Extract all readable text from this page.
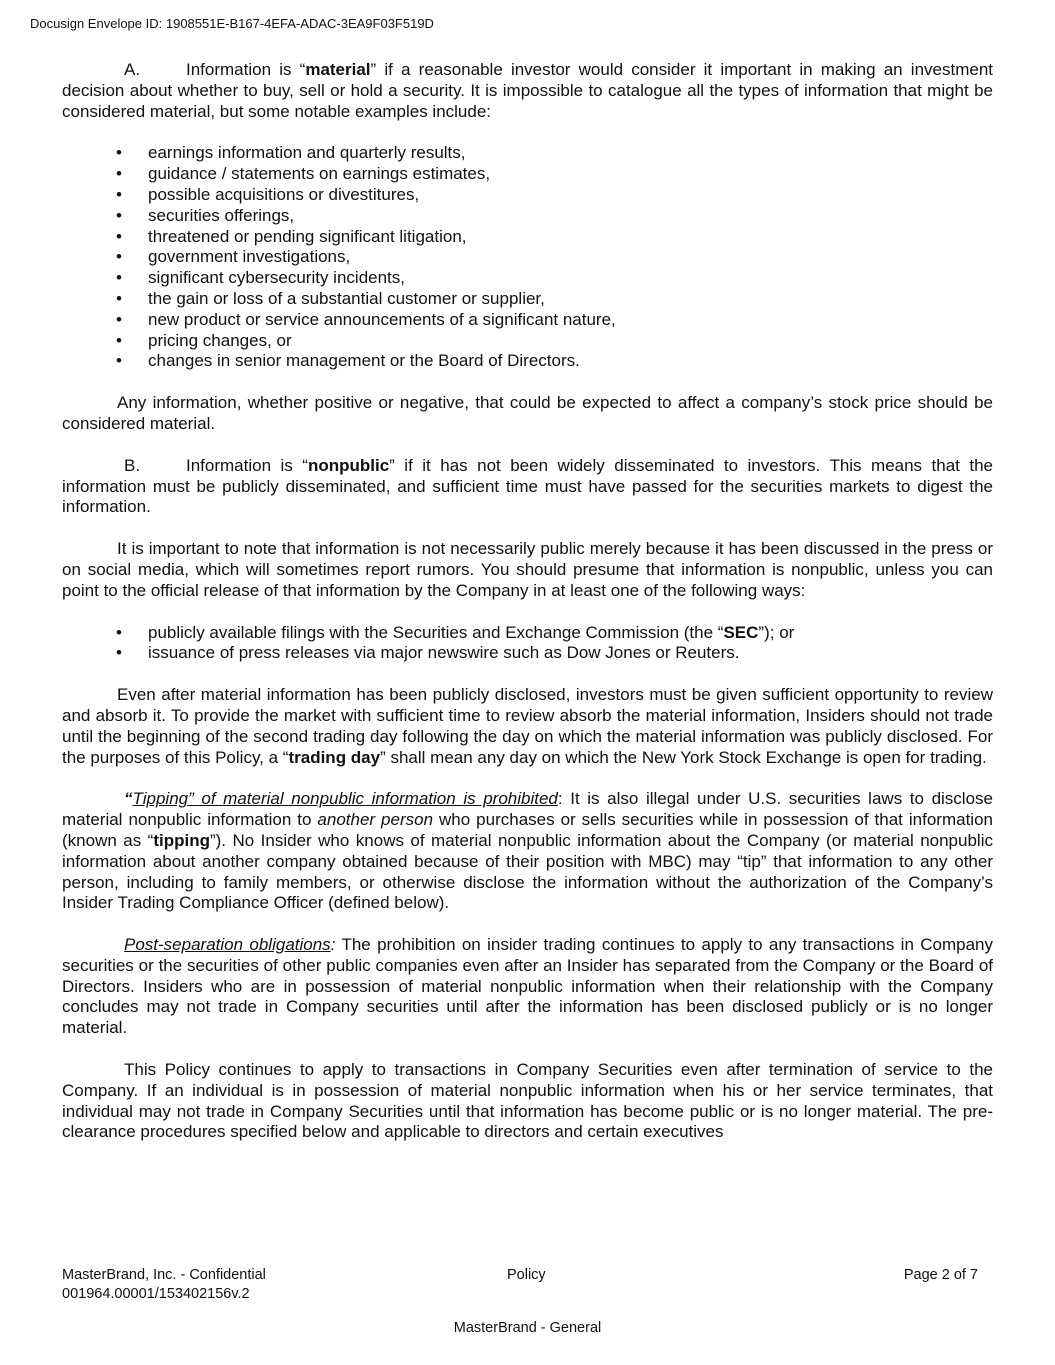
Docusign Envelope ID: 1908551E-B167-4EFA-ADAC-3EA9F03F519D

A.	Information is “material” if a reasonable investor would consider it important in making an investment decision about whether to buy, sell or hold a security. It is impossible to catalogue all the types of information that might be considered material, but some notable examples include:

• earnings information and quarterly results,
• guidance / statements on earnings estimates,
• possible acquisitions or divestitures,
• securities offerings,
• threatened or pending significant litigation,
• government investigations,
• significant cybersecurity incidents,
• the gain or loss of a substantial customer or supplier,
• new product or service announcements of a significant nature,
• pricing changes, or
• changes in senior management or the Board of Directors.

Any information, whether positive or negative, that could be expected to affect a company’s stock price should be considered material.

B.	Information is “nonpublic” if it has not been widely disseminated to investors. This means that the information must be publicly disseminated, and sufficient time must have passed for the securities markets to digest the information.

It is important to note that information is not necessarily public merely because it has been discussed in the press or on social media, which will sometimes report rumors. You should presume that information is nonpublic, unless you can point to the official release of that information by the Company in at least one of the following ways:

• publicly available filings with the Securities and Exchange Commission (the “SEC”); or
• issuance of press releases via major newswire such as Dow Jones or Reuters.

Even after material information has been publicly disclosed, investors must be given sufficient opportunity to review and absorb it. To provide the market with sufficient time to review absorb the material information, Insiders should not trade until the beginning of the second trading day following the day on which the material information was publicly disclosed. For the purposes of this Policy, a “trading day” shall mean any day on which the New York Stock Exchange is open for trading.

“Tipping” of material nonpublic information is prohibited: It is also illegal under U.S. securities laws to disclose material nonpublic information to another person who purchases or sells securities while in possession of that information (known as “tipping”). No Insider who knows of material nonpublic information about the Company (or material nonpublic information about another company obtained because of their position with MBC) may “tip” that information to any other person, including to family members, or otherwise disclose the information without the authorization of the Company’s Insider Trading Compliance Officer (defined below).

Post-separation obligations: The prohibition on insider trading continues to apply to any transactions in Company securities or the securities of other public companies even after an Insider has separated from the Company or the Board of Directors. Insiders who are in possession of material nonpublic information when their relationship with the Company concludes may not trade in Company securities until after the information has been disclosed publicly or is no longer material.

This Policy continues to apply to transactions in Company Securities even after termination of service to the Company. If an individual is in possession of material nonpublic information when his or her service terminates, that individual may not trade in Company Securities until that information has become public or is no longer material. The pre-clearance procedures specified below and applicable to directors and certain executives

MasterBrand, Inc. - Confidential
001964.00001/153402156v.2
Policy	Page 2 of 7
MasterBrand - General
